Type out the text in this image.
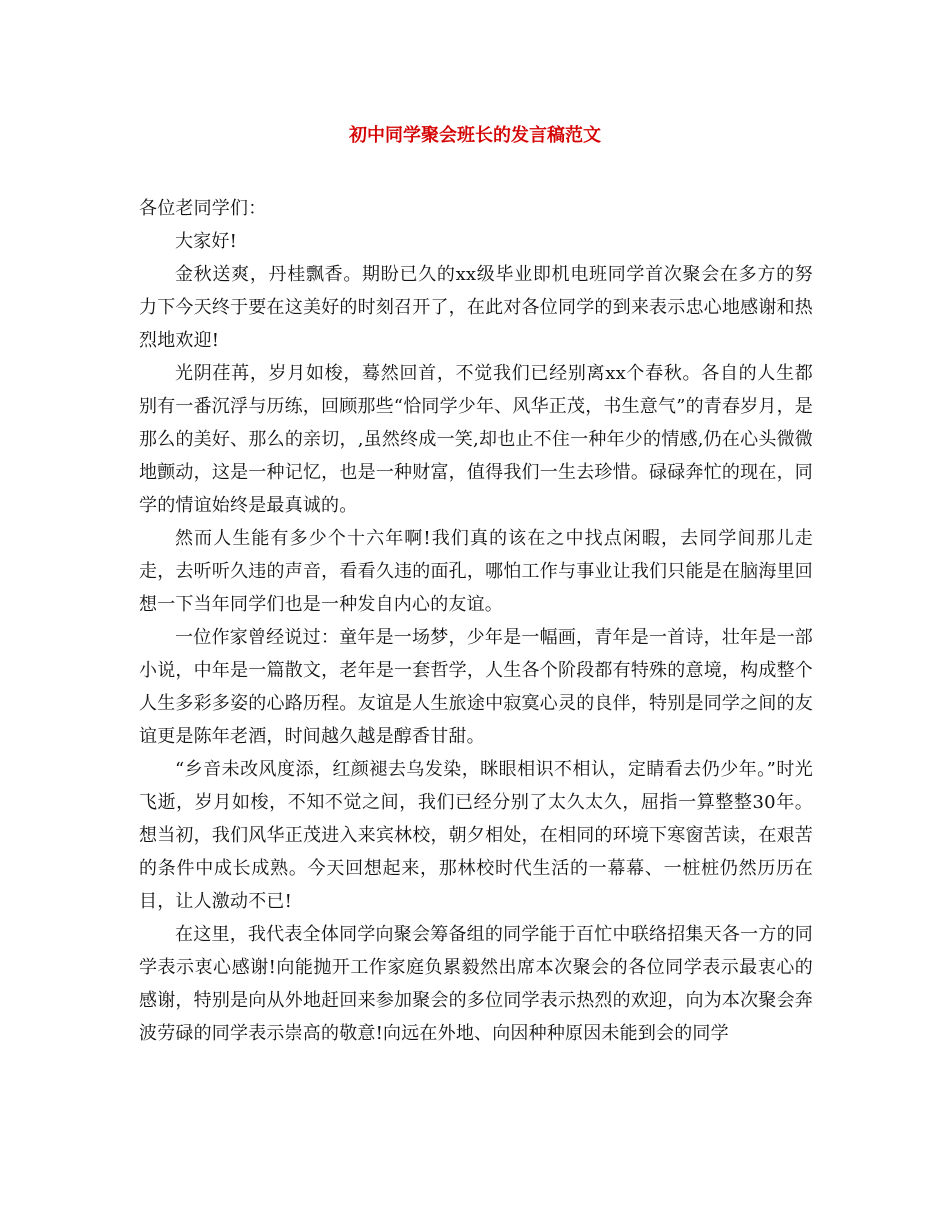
初中同学聚会班长的发言稿范文

各位老同学们：

大家好!

金秋送爽，丹桂飘香。期盼已久的xx级毕业即机电班同学首次聚会在多方的努力下今天终于要在这美好的时刻召开了，在此对各位同学的到来表示忠心地感谢和热烈地欢迎!

光阴荏苒，岁月如梭，蓦然回首，不觉我们已经别离xx个春秋。各自的人生都别有一番沉浮与历练，回顾那些“恰同学少年、风华正茂，书生意气”的青春岁月，是那么的美好、那么的亲切，,虽然终成一笑,却也止不住一种年少的情感,仍在心头微微地颤动，这是一种记忆，也是一种财富，值得我们一生去珍惜。碌碌奔忙的现在，同学的情谊始终是最真诚的。

然而人生能有多少个十六年啊!我们真的该在之中找点闲暇，去同学间那儿走走，去听听久违的声音，看看久违的面孔，哪怕工作与事业让我们只能是在脑海里回想一下当年同学们也是一种发自内心的友谊。

一位作家曾经说过：童年是一场梦，少年是一幅画，青年是一首诗，壮年是一部小说，中年是一篇散文，老年是一套哲学，人生各个阶段都有特殊的意境，构成整个人生多彩多姿的心路历程。友谊是人生旅途中寂寞心灵的良伴，特别是同学之间的友谊更是陈年老酒，时间越久越是醇香甘甜。

“乡音未改风度添，红颜褪去乌发染，眯眼相识不相认，定睛看去仍少年。”时光飞逝，岁月如梭，不知不觉之间，我们已经分别了太久太久，屈指一算整整30年。想当初，我们风华正茂进入来宾林校，朝夕相处，在相同的环境下寒窗苦读，在艰苦的条件中成长成熟。今天回想起来，那林校时代生活的一幕幕、一桩桩仍然历历在目，让人激动不已!

在这里，我代表全体同学向聚会筹备组的同学能于百忙中联络招集天各一方的同学表示衷心感谢!向能抛开工作家庭负累毅然出席本次聚会的各位同学表示最衷心的感谢，特别是向从外地赶回来参加聚会的多位同学表示热烈的欢迎，向为本次聚会奔波劳碌的同学表示崇高的敬意!向远在外地、向因种种原因未能到会的同学
